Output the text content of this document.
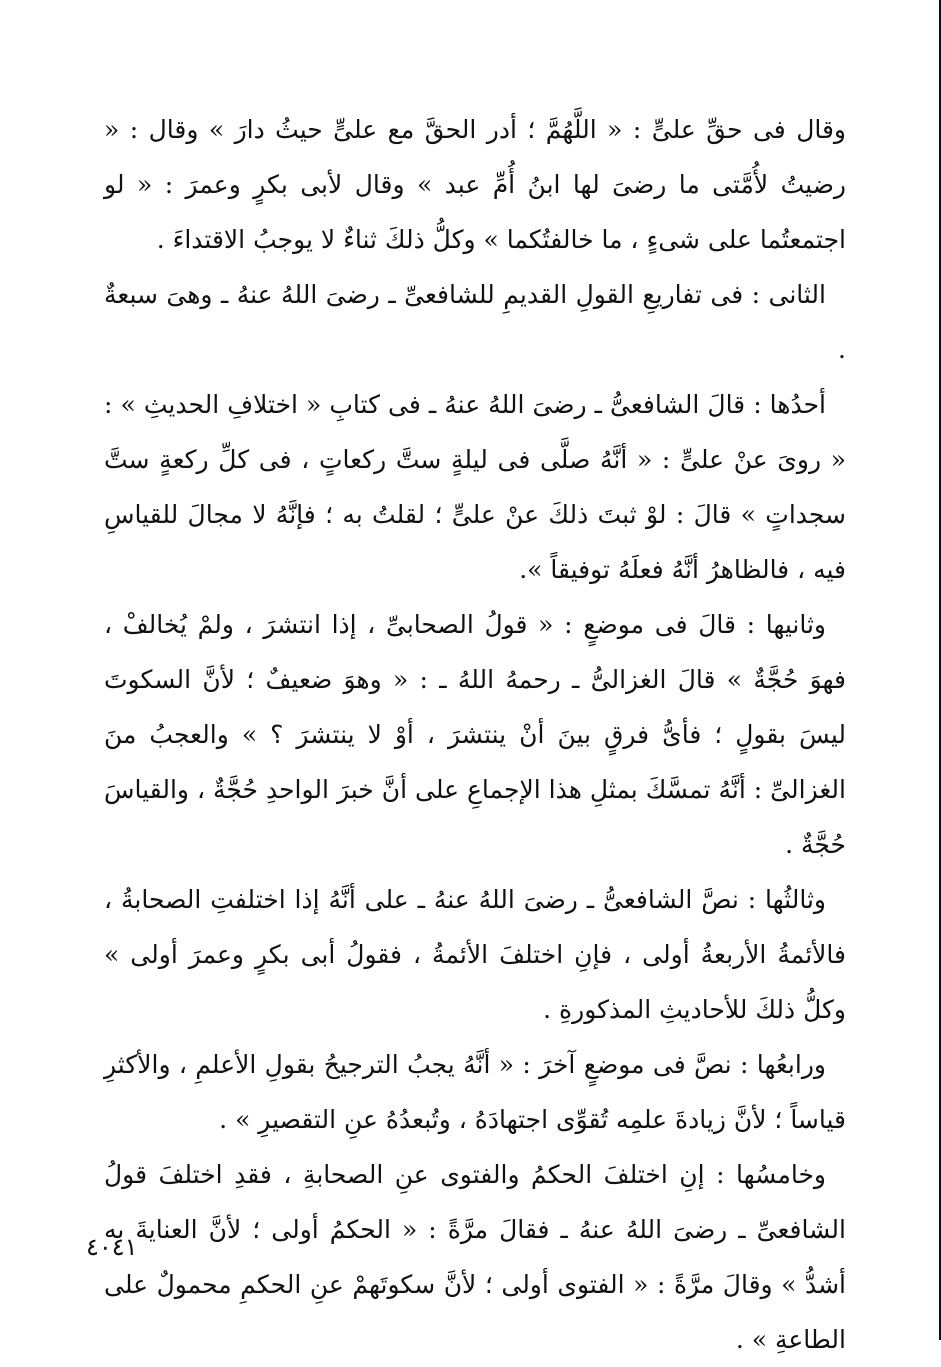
وقال فى حقِّ علىٍّ : « اللَّهُمَّ ؛ أدر الحقَّ مع علىٍّ حيثُ دارَ » وقال : « رضيتُ لأُمَّتى ما رضىَ لها ابنُ أُمِّ عبد » وقال لأبى بكرٍ وعمرَ : « لو اجتمعتُما على شىءٍ ، ما خالفتُكما » وكلُّ ذلكَ ثناءٌ لا يوجبُ الاقتداءَ .

الثانى : فى تفاريعِ القولِ القديمِ للشافعىِّ ـ رضىَ اللهُ عنهُ ـ وهىَ سبعةٌ .

أحدُها : قالَ الشافعىُّ ـ رضىَ اللهُ عنهُ ـ فى كتابِ « اختلافِ الحديثِ » : « روىَ عنْ علىٍّ : « أنَّهُ صلَّى فى ليلةٍ ستَّ ركعاتٍ ، فى كلِّ ركعةٍ ستَّ سجداتٍ » قالَ : لوْ ثبتَ ذلكَ عنْ علىٍّ ؛ لقلتُ به ؛ فإنَّهُ لا مجالَ للقياسِ فيه ، فالظاهرُ أنَّهُ فعلَهُ توفيقاً ».

وثانيها : قالَ فى موضعٍ : « قولُ الصحابىِّ ، إذا انتشرَ ، ولمْ يُخالفْ ، فهوَ حُجَّةٌ » قالَ الغزالىُّ ـ رحمهُ اللهُ ـ : « وهوَ ضعيفٌ ؛ لأنَّ السكوتَ ليسَ بقولٍ ؛ فأىُّ فرقٍ بينَ أنْ ينتشرَ ، أوْ لا ينتشرَ ؟ » والعجبُ منَ الغزالىِّ : أنَّهُ تمسَّكَ بمثلِ هذا الإجماعِ على أنَّ خبرَ الواحدِ حُجَّةٌ ، والقياسَ حُجَّةٌ .

وثالثُها : نصَّ الشافعىُّ ـ رضىَ اللهُ عنهُ ـ على أنَّهُ إذا اختلفتِ الصحابةُ ، فالأئمةُ الأربعةُ أولى ، فإنِ اختلفَ الأئمةُ ، فقولُ أبى بكرٍ وعمرَ أولى » وكلُّ ذلكَ للأحاديثِ المذكورةِ .

ورابعُها : نصَّ فى موضعٍ آخرَ : « أنَّهُ يجبُ الترجيحُ بقولِ الأعلمِ ، والأكثرِ قياساً ؛ لأنَّ زيادةَ علمِه تُقوِّى اجتهادَهُ ، وتُبعدُهُ عنِ التقصيرِ » .

وخامسُها : إنِ اختلفَ الحكمُ والفتوى عنِ الصحابةِ ، فقدِ اختلفَ قولُ الشافعىِّ ـ رضىَ اللهُ عنهُ ـ فقالَ مرَّةً : « الحكمُ أولى ؛ لأنَّ العنايةَ به أشدُّ » وقالَ مرَّةً : « الفتوى أولى ؛ لأنَّ سكوتَهمْ عنِ الحكمِ محمولٌ على الطاعةِ » .

٤٠٤١
